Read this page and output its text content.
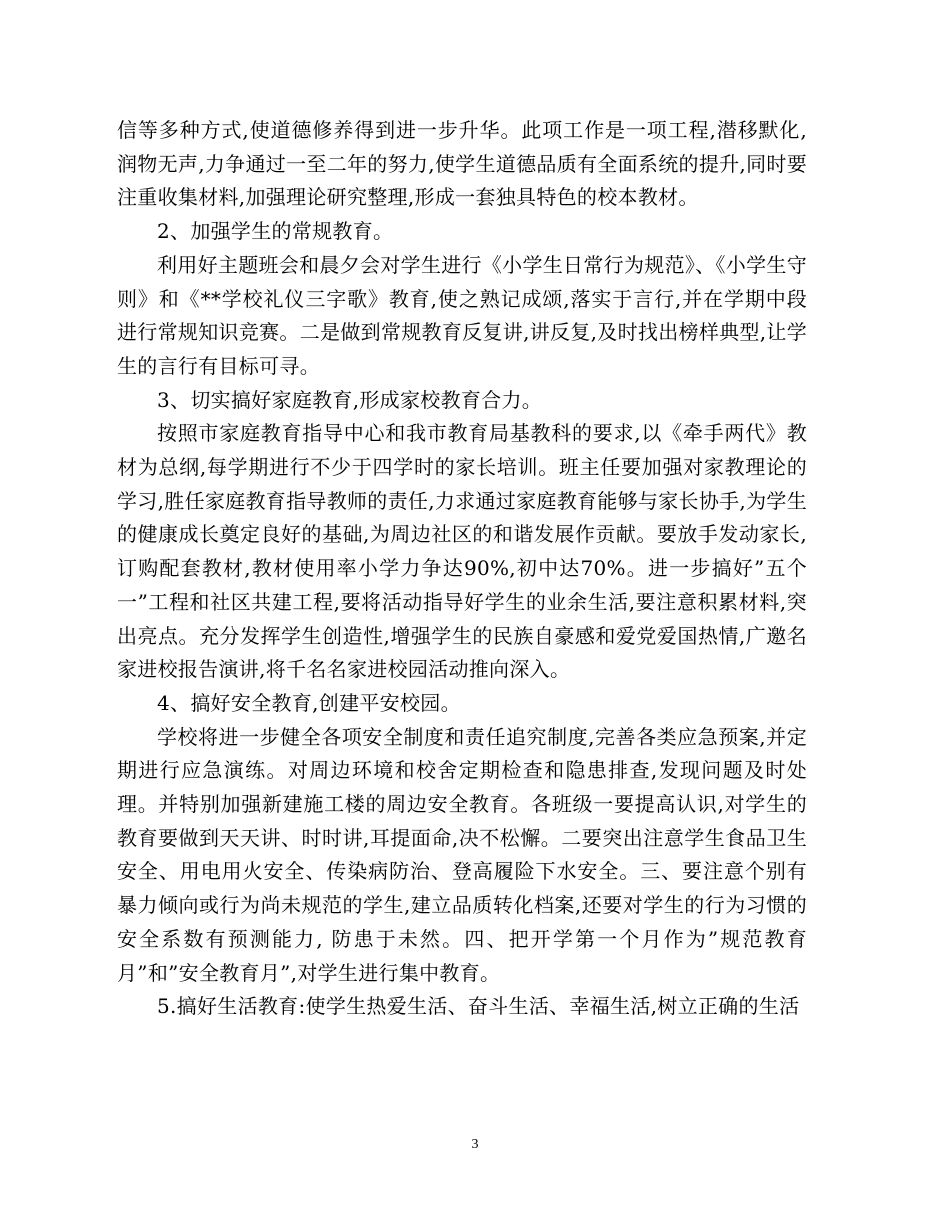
信等多种方式,使道德修养得到进一步升华。此项工作是一项工程,潜移默化, 润物无声,力争通过一至二年的努力,使学生道德品质有全面系统的提升,同时要注重收集材料,加强理论研究整理,形成一套独具特色的校本教材。

2、加强学生的常规教育。

利用好主题班会和晨夕会对学生进行《小学生日常行为规范》、《小学生守则》和《**学校礼仪三字歌》教育,使之熟记成颂,落实于言行,并在学期中段进行常规知识竞赛。二是做到常规教育反复讲,讲反复,及时找出榜样典型,让学生的言行有目标可寻。

3、切实搞好家庭教育,形成家校教育合力。

按照市家庭教育指导中心和我市教育局基教科的要求,以《牵手两代》教材为总纲,每学期进行不少于四学时的家长培训。班主任要加强对家教理论的学习,胜任家庭教育指导教师的责任,力求通过家庭教育能够与家长协手,为学生的健康成长奠定良好的基础,为周边社区的和谐发展作贡献。要放手发动家长,订购配套教材,教材使用率小学力争达90%,初中达70%。进一步搞好”五个一”工程和社区共建工程,要将活动指导好学生的业余生活,要注意积累材料,突出亮点。充分发挥学生创造性,增强学生的民族自豪感和爱党爱国热情,广邀名家进校报告演讲,将千名名家进校园活动推向深入。

4、搞好安全教育,创建平安校园。

学校将进一步健全各项安全制度和责任追究制度,完善各类应急预案,并定期进行应急演练。对周边环境和校舍定期检查和隐患排查,发现问题及时处理。并特别加强新建施工楼的周边安全教育。各班级一要提高认识,对学生的教育要做到天天讲、时时讲,耳提面命,决不松懈。二要突出注意学生食品卫生安全、用电用火安全、传染病防治、登高履险下水安全。三、要注意个别有暴力倾向或行为尚未规范的学生,建立品质转化档案,还要对学生的行为习惯的安全系数有预测能力, 防患于未然。四、把开学第一个月作为”规范教育月”和”安全教育月”,对学生进行集中教育。

5.搞好生活教育:使学生热爱生活、奋斗生活、幸福生活,树立正确的生活

3
